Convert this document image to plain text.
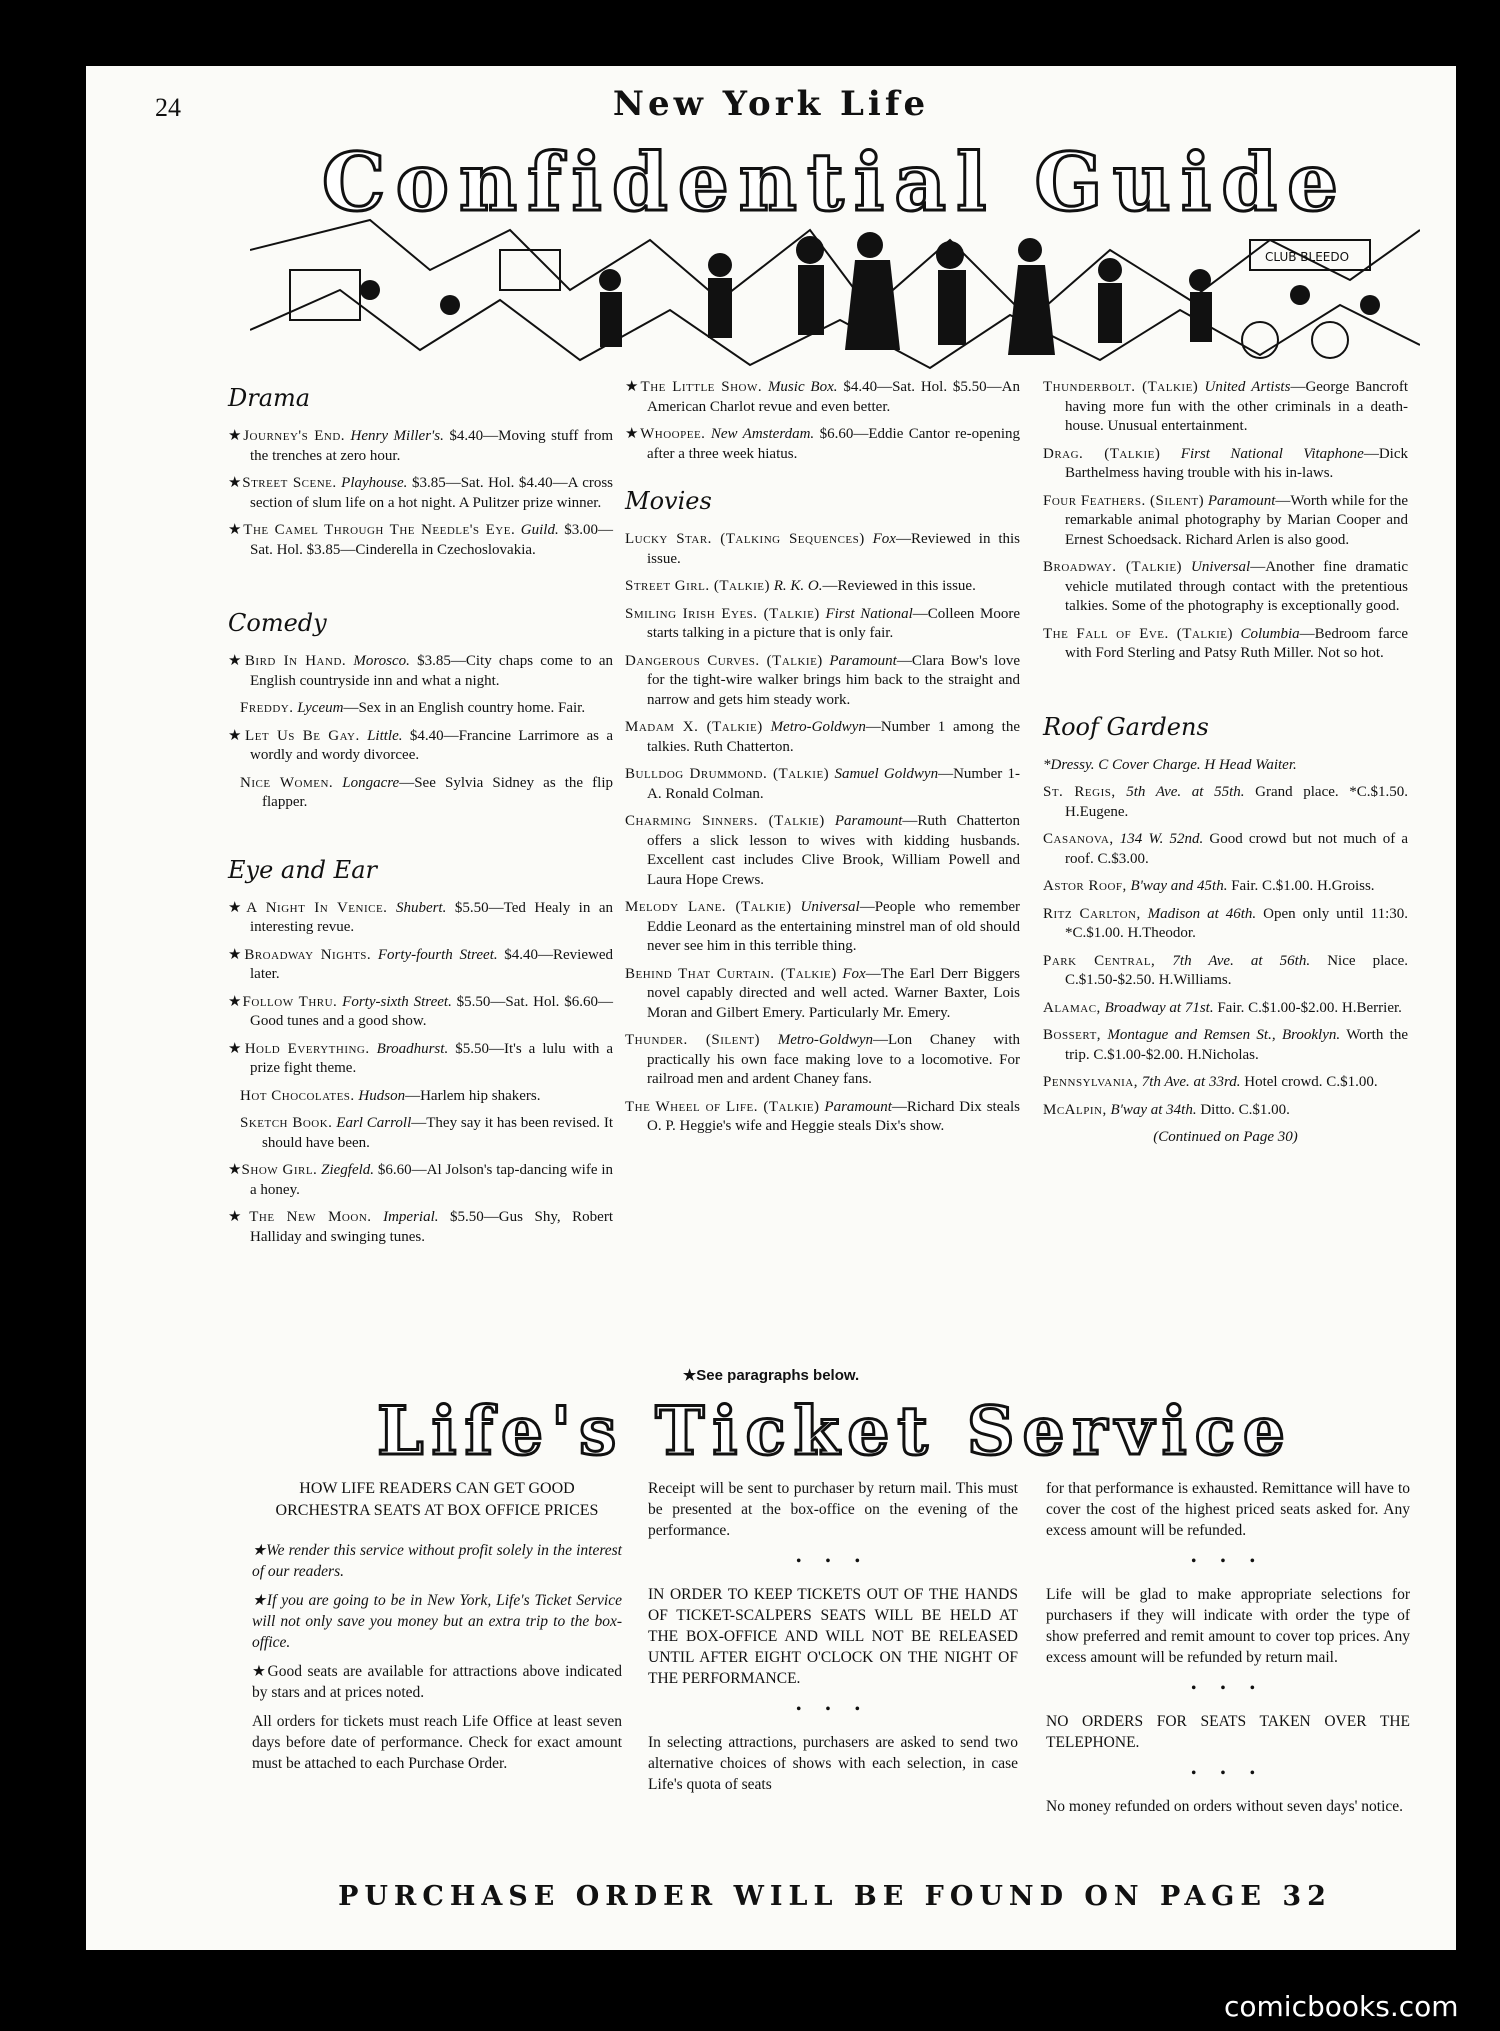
24	New York Life
Confidential Guide
CLUB BLEEDO
Drama
★Journey's End. Henry Miller's. $4.40—Moving stuff from the trenches at zero hour.
★Street Scene. Playhouse. $3.85—Sat. Hol. $4.40—A cross section of slum life on a hot night. A Pulitzer prize winner.
★The Camel Through The Needle's Eye. Guild. $3.00—Sat. Hol. $3.85—Cinderella in Czechoslovakia.
Comedy
★Bird In Hand. Morosco. $3.85—City chaps come to an English countryside inn and what a night.
Freddy. Lyceum—Sex in an English country home. Fair.
★Let Us Be Gay. Little. $4.40—Francine Larrimore as a wordly and wordy divorcee.
Nice Women. Longacre—See Sylvia Sidney as the flip flapper.
Eye and Ear
★A Night In Venice. Shubert. $5.50—Ted Healy in an interesting revue.
★Broadway Nights. Forty-fourth Street. $4.40—Reviewed later.
★Follow Thru. Forty-sixth Street. $5.50—Sat. Hol. $6.60—Good tunes and a good show.
★Hold Everything. Broadhurst. $5.50—It's a lulu with a prize fight theme.
Hot Chocolates. Hudson—Harlem hip shakers.
Sketch Book. Earl Carroll—They say it has been revised. It should have been.
★Show Girl. Ziegfeld. $6.60—Al Jolson's tap-dancing wife in a honey.
★The New Moon. Imperial. $5.50—Gus Shy, Robert Halliday and swinging tunes.
★The Little Show. Music Box. $4.40—Sat. Hol. $5.50—An American Charlot revue and even better.
★Whoopee. New Amsterdam. $6.60—Eddie Cantor re-opening after a three week hiatus.
Movies
Lucky Star. (Talking Sequences) Fox—Reviewed in this issue.
Street Girl. (Talkie) R. K. O.—Reviewed in this issue.
Smiling Irish Eyes. (Talkie) First National—Colleen Moore starts talking in a picture that is only fair.
Dangerous Curves. (Talkie) Paramount—Clara Bow's love for the tight-wire walker brings him back to the straight and narrow and gets him steady work.
Madam X. (Talkie) Metro-Goldwyn—Number 1 among the talkies. Ruth Chatterton.
Bulldog Drummond. (Talkie) Samuel Goldwyn—Number 1-A. Ronald Colman.
Charming Sinners. (Talkie) Paramount—Ruth Chatterton offers a slick lesson to wives with kidding husbands. Excellent cast includes Clive Brook, William Powell and Laura Hope Crews.
Melody Lane. (Talkie) Universal—People who remember Eddie Leonard as the entertaining minstrel man of old should never see him in this terrible thing.
Behind That Curtain. (Talkie) Fox—The Earl Derr Biggers novel capably directed and well acted. Warner Baxter, Lois Moran and Gilbert Emery. Particularly Mr. Emery.
Thunder. (Silent) Metro-Goldwyn—Lon Chaney with practically his own face making love to a locomotive. For railroad men and ardent Chaney fans.
The Wheel of Life. (Talkie) Paramount—Richard Dix steals O. P. Heggie's wife and Heggie steals Dix's show.
Thunderbolt. (Talkie) United Artists—George Bancroft having more fun with the other criminals in a death-house. Unusual entertainment.
Drag. (Talkie) First National Vitaphone—Dick Barthelmess having trouble with his in-laws.
Four Feathers. (Silent) Paramount—Worth while for the remarkable animal photography by Marian Cooper and Ernest Schoedsack. Richard Arlen is also good.
Broadway. (Talkie) Universal—Another fine dramatic vehicle mutilated through contact with the pretentious talkies. Some of the photography is exceptionally good.
The Fall of Eve. (Talkie) Columbia—Bedroom farce with Ford Sterling and Patsy Ruth Miller. Not so hot.
Roof Gardens
*Dressy. C Cover Charge. H Head Waiter.
St. Regis, 5th Ave. at 55th. Grand place. *C.$1.50. H.Eugene.
Casanova, 134 W. 52nd. Good crowd but not much of a roof. C.$3.00.
Astor Roof, B'way and 45th. Fair. C.$1.00. H.Groiss.
Ritz Carlton, Madison at 46th. Open only until 11:30. *C.$1.00. H.Theodor.
Park Central, 7th Ave. at 56th. Nice place. C.$1.50-$2.50. H.Williams.
Alamac, Broadway at 71st. Fair. C.$1.00-$2.00. H.Berrier.
Bossert, Montague and Remsen St., Brooklyn. Worth the trip. C.$1.00-$2.00. H.Nicholas.
Pennsylvania, 7th Ave. at 33rd. Hotel crowd. C.$1.00.
McAlpin, B'way at 34th. Ditto. C.$1.00.
(Continued on Page 30)
★See paragraphs below.
Life's Ticket Service
HOW LIFE READERS CAN GET GOOD ORCHESTRA SEATS AT BOX OFFICE PRICES

★We render this service without profit solely in the interest of our readers.

★If you are going to be in New York, Life's Ticket Service will not only save you money but an extra trip to the box-office.

★Good seats are available for attractions above indicated by stars and at prices noted.

All orders for tickets must reach Life Office at least seven days before date of performance. Check for exact amount must be attached to each Purchase Order.

Receipt will be sent to purchaser by return mail. This must be presented at the box-office on the evening of the performance.

• • •

IN ORDER TO KEEP TICKETS OUT OF THE HANDS OF TICKET-SCALPERS SEATS WILL BE HELD AT THE BOX-OFFICE AND WILL NOT BE RELEASED UNTIL AFTER EIGHT O'CLOCK ON THE NIGHT OF THE PERFORMANCE.

• • •

In selecting attractions, purchasers are asked to send two alternative choices of shows with each selection, in case Life's quota of seats

for that performance is exhausted. Remittance will have to cover the cost of the highest priced seats asked for. Any excess amount will be refunded.

• • •

Life will be glad to make appropriate selections for purchasers if they will indicate with order the type of show preferred and remit amount to cover top prices. Any excess amount will be refunded by return mail.

• • •

NO ORDERS FOR SEATS TAKEN OVER THE TELEPHONE.

• • •

No money refunded on orders without seven days' notice.

PURCHASE ORDER WILL BE FOUND ON PAGE 32
comicbooks.com
